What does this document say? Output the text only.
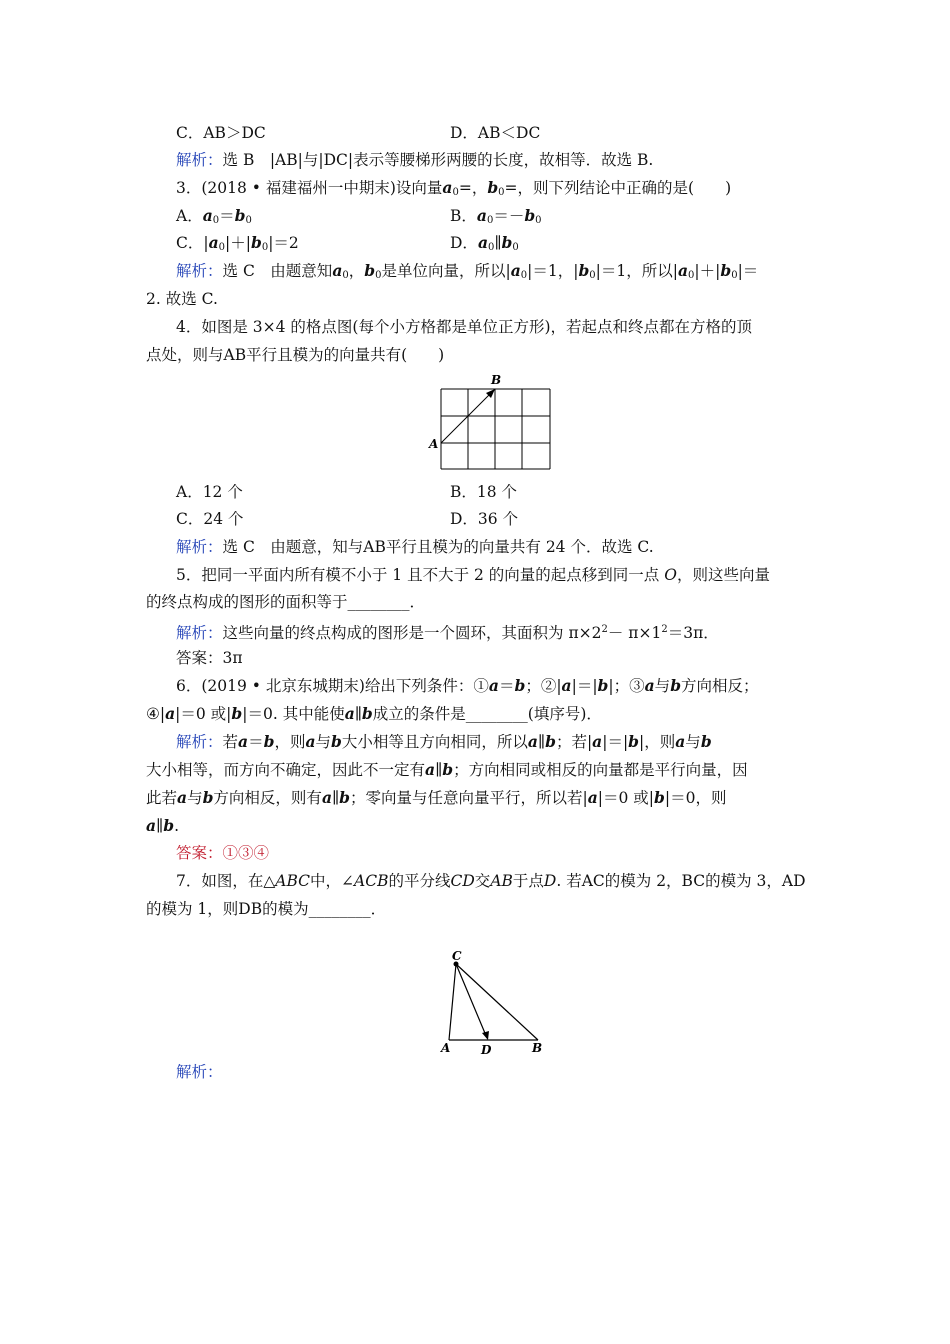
C．AB＞DC	D．AB＜DC
解析：选 B　|AB|与|DC|表示等腰梯形两腰的长度，故相等．故选 B.
3．(2018 • 福建福州一中期末)设向量$a_0=$，$b_0=$，则下列结论中正确的是(　　)
A．$a_0=b_0$	B．$a_0=-b_0$
C．$|a_0|+|b_0|=2$	D．$a_0\parallel b_0$
解析：选 C　由题意知$a_0$，$b_0$是单位向量，所以$|a_0|=1$，$|b_0|=1$，所以$|a_0|+|b_0|=$
2. 故选 C.
4．如图是 3×4 的格点图(每个小方格都是单位正方形)，若起点和终点都在方格的顶
点处，则与AB平行且模为的向量共有(　　)
A
B
A．12 个	B．18 个
C．24 个	D．36 个
解析：选 C　由题意，知与AB平行且模为的向量共有 24 个．故选 C.
5．把同一平面内所有模不小于 1 且不大于 2 的向量的起点移到同一点 O，则这些向量
的终点构成的图形的面积等于________．
解析：这些向量的终点构成的图形是一个圆环，其面积为 $\pi\times 2^2- \pi\times 1^2=3\pi$．
答案：3π
6．(2019 • 北京东城期末)给出下列条件：①a＝b；②|a|＝|b|；③a与b方向相反；
④|a|＝0 或|b|＝0. 其中能使a∥b成立的条件是________(填序号)．
解析：若a＝b，则a与b大小相等且方向相同，所以a∥b；若|a|＝|b|，则a与b
大小相等，而方向不确定，因此不一定有a∥b；方向相同或相反的向量都是平行向量，因
此若a与b方向相反，则有a∥b；零向量与任意向量平行，所以若|a|＝0 或|b|＝0，则
a∥b.
答案：①③④
7．如图，在△ABC中，∠ACB的平分线CD交AB于点D. 若AC的模为 2，BC的模为 3，AD
的模为 1，则DB的模为________．
C
A	D	B
解析：
